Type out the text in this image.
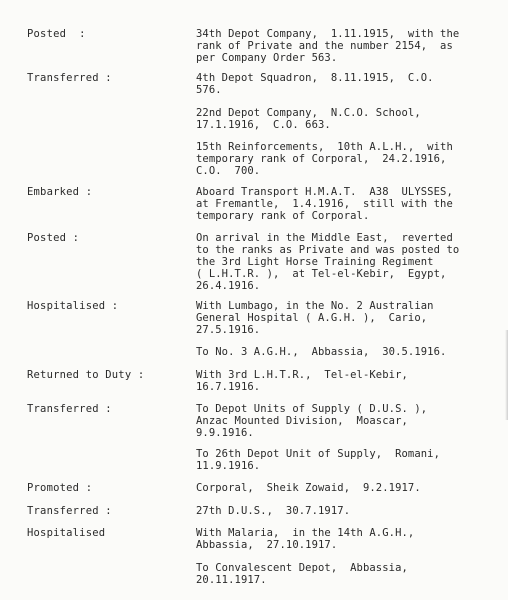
Posted  :	34th Depot Company,  1.11.1915,  with the
rank of Private and the number 2154,  as
per Company Order 563.
Transferred :	4th Depot Squadron,  8.11.1915,  C.O.
576.
22nd Depot Company,  N.C.O. School,
17.1.1916,  C.O. 663.
15th Reinforcements,  10th A.L.H.,  with
temporary rank of Corporal,  24.2.1916,
C.O.  700.
Embarked :	Aboard Transport H.M.A.T.  A38  ULYSSES,
at Fremantle,  1.4.1916,  still with the
temporary rank of Corporal.
Posted :	On arrival in the Middle East,  reverted
to the ranks as Private and was posted to
the 3rd Light Horse Training Regiment
( L.H.T.R. ),  at Tel-el-Kebir,  Egypt,
26.4.1916.
Hospitalised :	With Lumbago, in the No. 2 Australian
General Hospital ( A.G.H. ),  Cario,
27.5.1916.
To No. 3 A.G.H.,  Abbassia,  30.5.1916.
Returned to Duty :	With 3rd L.H.T.R.,  Tel-el-Kebir,
16.7.1916.
Transferred :	To Depot Units of Supply ( D.U.S. ),
Anzac Mounted Division,  Moascar,
9.9.1916.
To 26th Depot Unit of Supply,  Romani,
11.9.1916.
Promoted :	Corporal,  Sheik Zowaid,  9.2.1917.
Transferred :	27th D.U.S.,  30.7.1917.
Hospitalised	With Malaria,  in the 14th A.G.H.,
Abbassia,  27.10.1917.
To Convalescent Depot,  Abbassia,
20.11.1917.
